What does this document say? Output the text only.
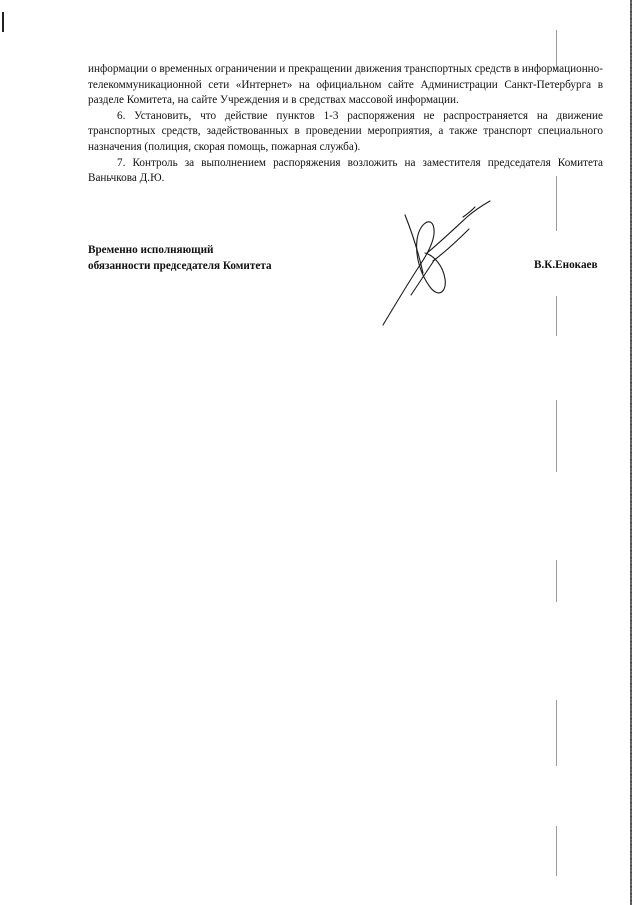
информации о временных ограничении и прекращении движения транспортных средств в информационно-телекоммуникационной сети «Интернет» на официальном сайте Администрации Санкт-Петербурга в разделе Комитета, на сайте Учреждения и в средствах массовой информации.

6. Установить, что действие пунктов 1-3 распоряжения не распространяется на движение транспортных средств, задействованных в проведении мероприятия, а также транспорт специального назначения (полиция, скорая помощь, пожарная служба).

7. Контроль за выполнением распоряжения возложить на заместителя председателя Комитета Ваньчкова Д.Ю.

Временно исполняющий
обязанности председателя Комитета	В.К.Енокаев
